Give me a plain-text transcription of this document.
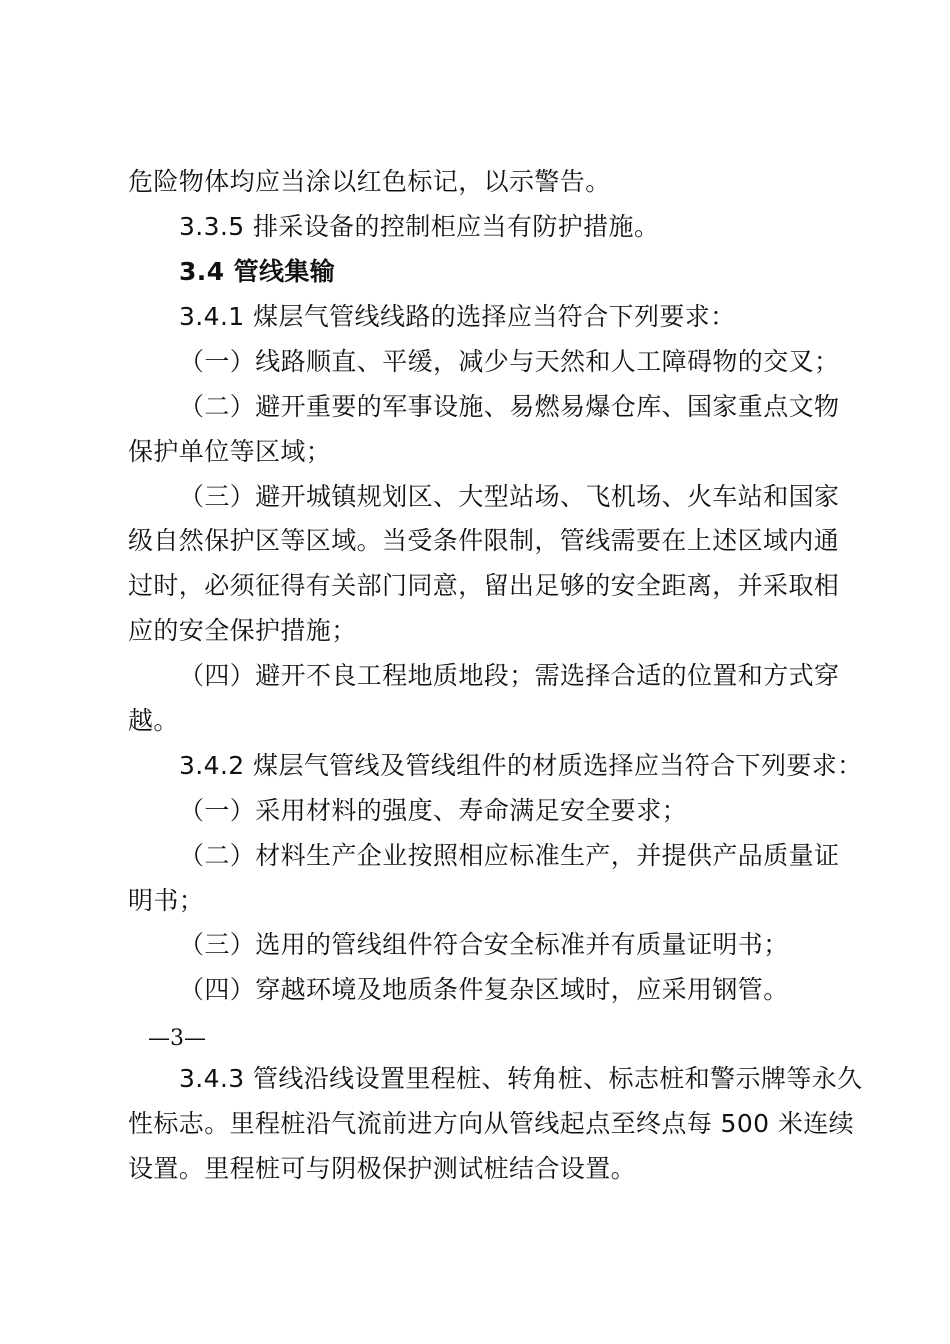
危险物体均应当涂以红色标记，以示警告。
3.3.5 排采设备的控制柜应当有防护措施。
3.4 管线集输
3.4.1 煤层气管线线路的选择应当符合下列要求：
（一）线路顺直、平缓，减少与天然和人工障碍物的交叉；
（二）避开重要的军事设施、易燃易爆仓库、国家重点文物
保护单位等区域；
（三）避开城镇规划区、大型站场、飞机场、火车站和国家
级自然保护区等区域。当受条件限制，管线需要在上述区域内通
过时，必须征得有关部门同意，留出足够的安全距离，并采取相
应的安全保护措施；
（四）避开不良工程地质地段；需选择合适的位置和方式穿
越。
3.4.2 煤层气管线及管线组件的材质选择应当符合下列要求：
（一）采用材料的强度、寿命满足安全要求；
（二）材料生产企业按照相应标准生产，并提供产品质量证
明书；
（三）选用的管线组件符合安全标准并有质量证明书；
（四）穿越环境及地质条件复杂区域时，应采用钢管。
—3—
3.4.3 管线沿线设置里程桩、转角桩、标志桩和警示牌等永久
性标志。里程桩沿气流前进方向从管线起点至终点每 500 米连续
设置。里程桩可与阴极保护测试桩结合设置。
